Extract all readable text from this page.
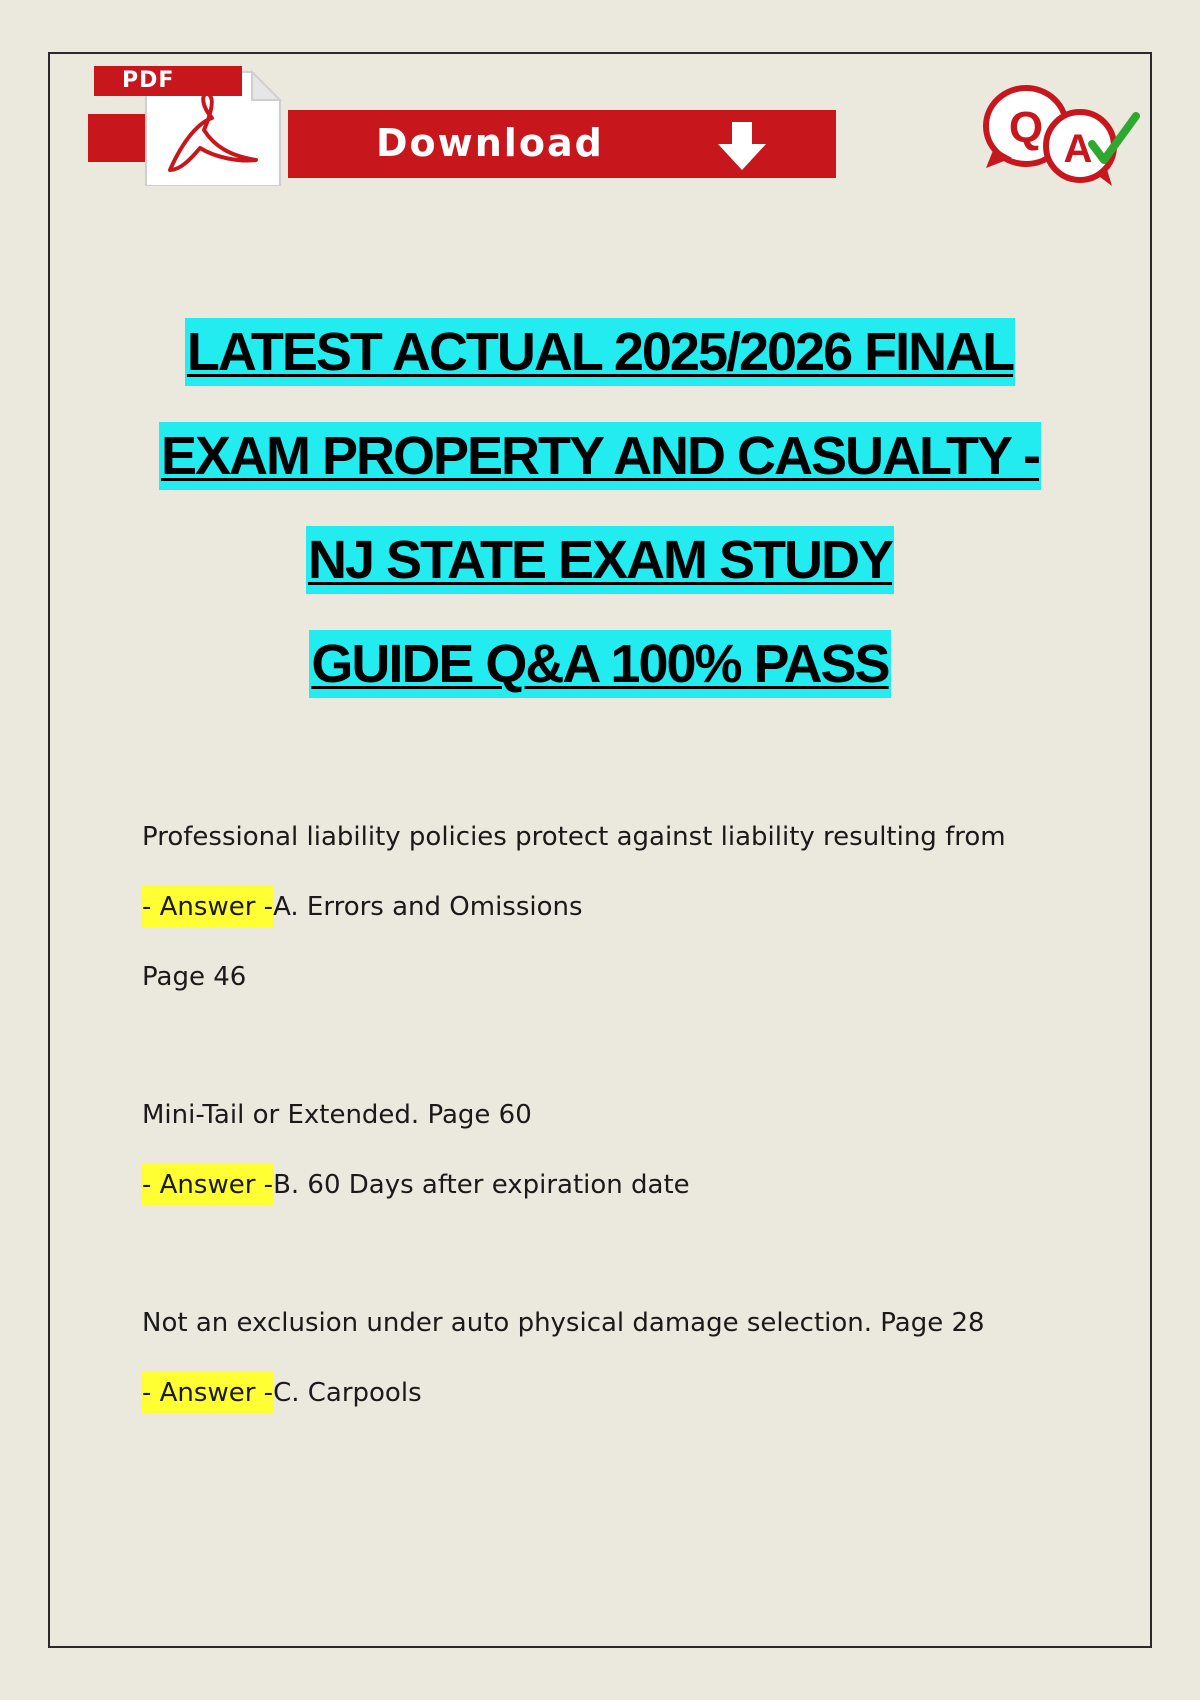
PDF
Download	Q A
LATEST ACTUAL 2025/2026 FINAL
EXAM PROPERTY AND CASUALTY -
NJ STATE EXAM STUDY
GUIDE Q&A 100% PASS
Professional liability policies protect against liability resulting from
- Answer -A. Errors and Omissions
Page 46
Mini-Tail or Extended. Page 60
- Answer -B. 60 Days after expiration date
Not an exclusion under auto physical damage selection. Page 28
- Answer -C. Carpools
